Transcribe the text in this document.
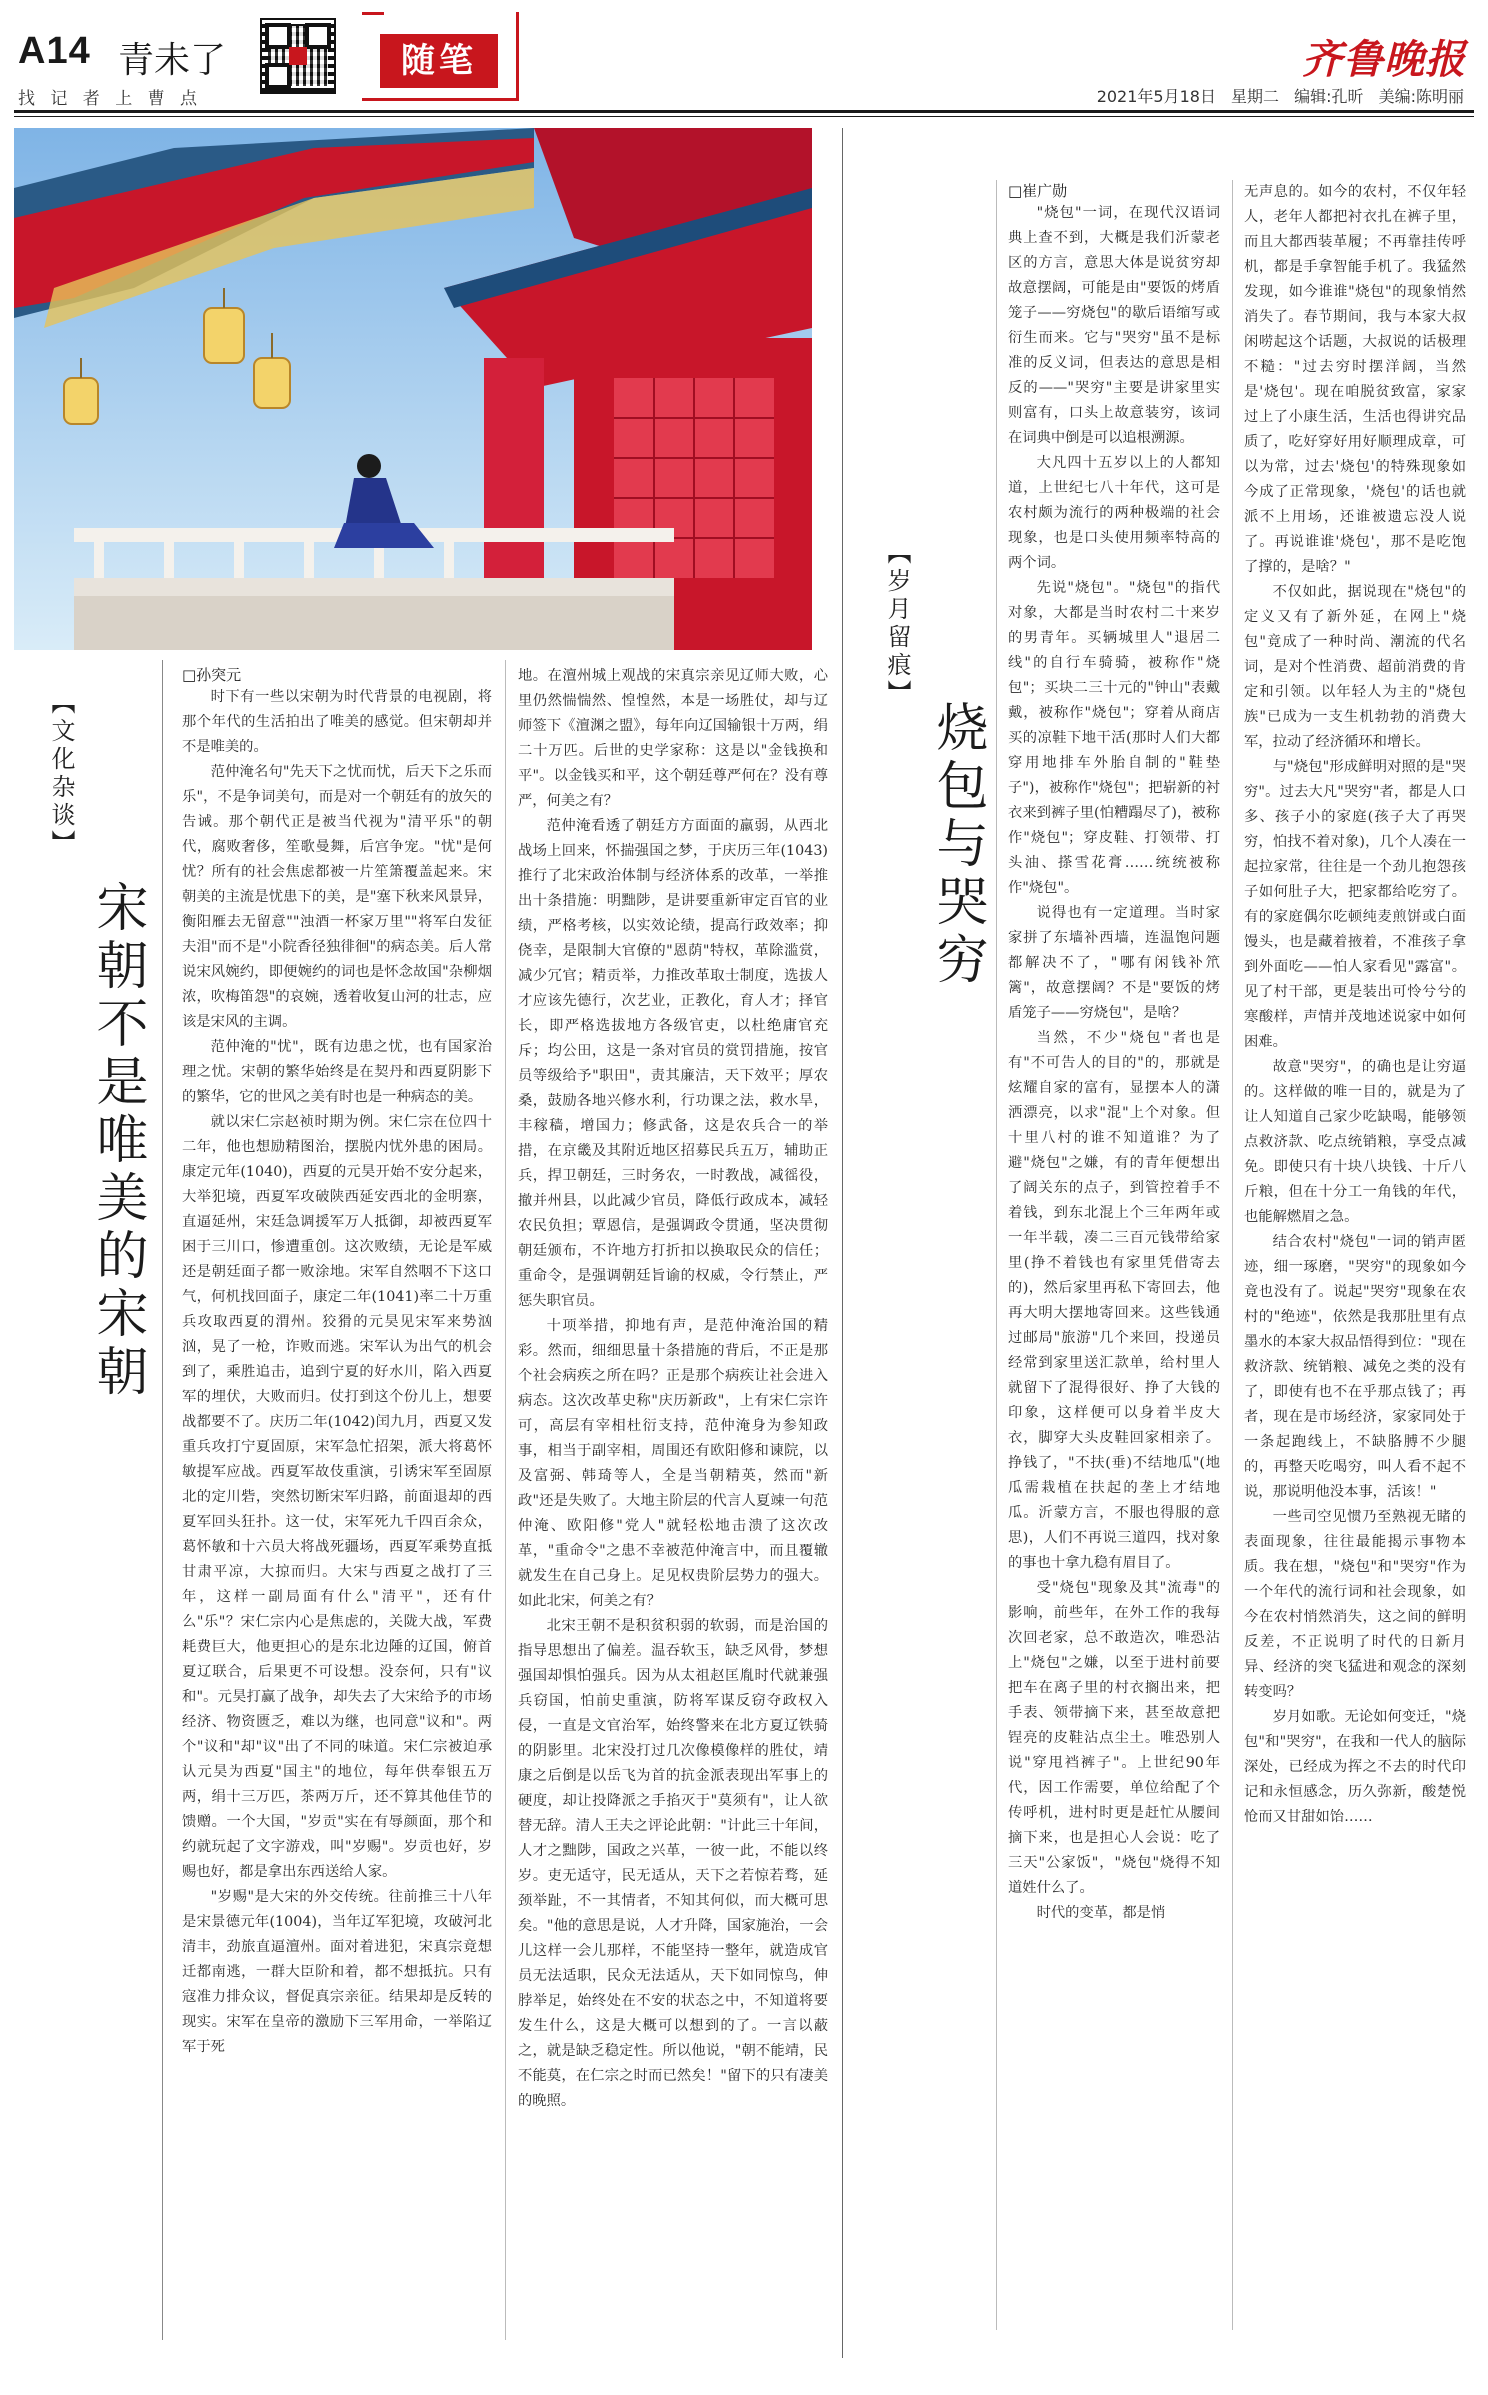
A14 青未了	随笔	齐鲁晚报
找 记 者 上 曹 点	2021年5月18日 星期二 编辑:孔昕 美编:陈明丽
【文化杂谈】
宋朝不是唯美的宋朝
□孙突元

时下有一些以宋朝为时代背景的电视剧，将那个年代的生活拍出了唯美的感觉。但宋朝却并不是唯美的。

范仲淹名句"先天下之忧而忧，后天下之乐而乐"，不是争词美句，而是对一个朝廷有的放矢的告诫。那个朝代正是被当代视为"清平乐"的朝代，腐败奢侈，笙歌曼舞，后宫争宠。"忧"是何忧？所有的社会焦虑都被一片笙箫覆盖起来。宋朝美的主流是忧患下的美，是"塞下秋来风景异，衡阳雁去无留意""浊酒一杯家万里""将军白发征夫泪"而不是"小院香径独徘徊"的病态美。后人常说宋风婉约，即便婉约的词也是怀念故国"杂柳烟浓，吹梅笛怨"的哀婉，透着收复山河的壮志，应该是宋风的主调。

范仲淹的"忧"，既有边患之忧，也有国家治理之忧。宋朝的繁华始终是在契丹和西夏阴影下的繁华，它的世风之美有时也是一种病态的美。

就以宋仁宗赵祯时期为例。宋仁宗在位四十二年，他也想励精图治，摆脱内忧外患的困局。康定元年(1040)，西夏的元昊开始不安分起来，大举犯境，西夏军攻破陕西延安西北的金明寨，直逼延州，宋廷急调援军万人抵御，却被西夏军困于三川口，惨遭重创。这次败绩，无论是军威还是朝廷面子都一败涂地。宋军自然咽不下这口气，何机找回面子，康定二年(1041)率二十万重兵攻取西夏的渭州。狡猾的元昊见宋军来势汹汹，晃了一枪，诈败而逃。宋军认为出气的机会到了，乘胜追击，追到宁夏的好水川，陷入西夏军的埋伏，大败而归。仗打到这个份儿上，想要战都要不了。庆历二年(1042)闰九月，西夏又发重兵攻打宁夏固原，宋军急忙招架，派大将葛怀敏提军应战。西夏军故伎重演，引诱宋军至固原北的定川砦，突然切断宋军归路，前面退却的西夏军回头狂扑。这一仗，宋军死九千四百余众，葛怀敏和十六员大将战死疆场，西夏军乘势直抵甘肃平凉，大掠而归。大宋与西夏之战打了三年，这样一副局面有什么"清平"，还有什么"乐"？宋仁宗内心是焦虑的，关陇大战，军费耗费巨大，他更担心的是东北边陲的辽国，俯首夏辽联合，后果更不可设想。没奈何，只有"议和"。元昊打赢了战争，却失去了大宋给予的市场经济、物资匮乏，难以为继，也同意"议和"。两个"议和"却"议"出了不同的味道。宋仁宗被迫承认元昊为西夏"国主"的地位，每年供奉银五万两，绢十三万匹，茶两万斤，还不算其他佳节的馈赠。一个大国，"岁贡"实在有辱颜面，那个和约就玩起了文字游戏，叫"岁赐"。岁贡也好，岁赐也好，都是拿出东西送给人家。

"岁赐"是大宋的外交传统。往前推三十八年是宋景德元年(1004)，当年辽军犯境，攻破河北清丰，劲旅直逼澶州。面对着进犯，宋真宗竟想迁都南逃，一群大臣阶和着，都不想抵抗。只有寇准力排众议，督促真宗亲征。结果却是反转的现实。宋军在皇帝的激励下三军用命，一举陷辽军于死

地。在澶州城上观战的宋真宗亲见辽师大败，心里仍然惴惴然、惶惶然，本是一场胜仗，却与辽师签下《澶渊之盟》，每年向辽国输银十万两，绢二十万匹。后世的史学家称：这是以"金钱换和平"。以金钱买和平，这个朝廷尊严何在？没有尊严，何美之有？

范仲淹看透了朝廷方方面面的羸弱，从西北战场上回来，怀揣强国之梦，于庆历三年(1043)推行了北宋政治体制与经济体系的改革，一举推出十条措施：明黜陟，是讲要重新审定百官的业绩，严格考核，以实效论绩，提高行政效率；抑侥幸，是限制大官僚的"恩荫"特权，革除滥赏，减少冗官；精贡举，力推改革取士制度，选拔人才应该先德行，次艺业，正教化，育人才；择官长，即严格选拔地方各级官吏，以杜绝庸官充斥；均公田，这是一条对官员的赏罚措施，按官员等级给予"职田"，责其廉洁，天下效平；厚农桑，鼓励各地兴修水利，行功课之法，救水旱，丰稼穑，增国力；修武备，这是农兵合一的举措，在京畿及其附近地区招募民兵五万，辅助正兵，捍卫朝廷，三时务农，一时教战，减徭役，撤并州县，以此减少官员，降低行政成本，减轻农民负担；覃恩信，是强调政令贯通，坚决贯彻朝廷颁布，不许地方打折扣以换取民众的信任；重命令，是强调朝廷旨谕的权威，令行禁止，严惩失职官员。

十项举措，抑地有声，是范仲淹治国的精彩。然而，细细思量十条措施的背后，不正是那个社会病疾之所在吗？正是那个病疾让社会进入病态。这次改革史称"庆历新政"，上有宋仁宗许可，高层有宰相杜衍支持，范仲淹身为参知政事，相当于副宰相，周围还有欧阳修和谏院，以及富弼、韩琦等人，全是当朝精英，然而"新政"还是失败了。大地主阶层的代言人夏竦一句范仲淹、欧阳修"党人"就轻松地击溃了这次改革，"重命令"之患不幸被范仲淹言中，而且覆辙就发生在自己身上。足见权贵阶层势力的强大。如此北宋，何美之有？

北宋王朝不是积贫积弱的软弱，而是治国的指导思想出了偏差。温吞软玉，缺乏风骨，梦想强国却惧怕强兵。因为从太祖赵匡胤时代就兼强兵窃国，怕前史重演，防将军谋反窃夺政权入侵，一直是文官治军，始终警来在北方夏辽铁骑的阴影里。北宋没打过几次像模像样的胜仗，靖康之后倒是以岳飞为首的抗金派表现出军事上的硬度，却让投降派之手掐灭于"莫须有"，让人欲替无辞。清人王夫之评论此朝："计此三十年间，人才之黜陟，国政之兴革，一彼一此，不能以终岁。吏无适守，民无适从，天下之若惊若骛，延颈举趾，不一其情者，不知其何似，而大概可思矣。"他的意思是说，人才升降，国家施治，一会儿这样一会儿那样，不能坚持一整年，就造成官员无法适职，民众无法适从，天下如同惊鸟，伸脖举足，始终处在不安的状态之中，不知道将要发生什么，这是大概可以想到的了。一言以蔽之，就是缺乏稳定性。所以他说，"朝不能靖，民不能莫，在仁宗之时而已然矣！"留下的只有凄美的晚照。

【岁月留痕】
烧包与哭穷
□崔广勋

"烧包"一词，在现代汉语词典上查不到，大概是我们沂蒙老区的方言，意思大体是说贫穷却故意摆阔，可能是由"要饭的烤盾笼子——穷烧包"的歇后语缩写或衍生而来。它与"哭穷"虽不是标准的反义词，但表达的意思是相反的——"哭穷"主要是讲家里实则富有，口头上故意装穷，该词在词典中倒是可以追根溯源。

大凡四十五岁以上的人都知道，上世纪七八十年代，这可是农村颇为流行的两种极端的社会现象，也是口头使用频率特高的两个词。

先说"烧包"。"烧包"的指代对象，大都是当时农村二十来岁的男青年。买辆城里人"退居二线"的自行车骑骑，被称作"烧包"；买块二三十元的"钟山"表戴戴，被称作"烧包"；穿着从商店买的凉鞋下地干活(那时人们大都穿用地排车外胎自制的"鞋垫子")，被称作"烧包"；把崭新的衬衣来到裤子里(怕糟蹋尽了)，被称作"烧包"；穿皮鞋、打领带、打头油、搽雪花膏……统统被称作"烧包"。

说得也有一定道理。当时家家拼了东墙补西墙，连温饱问题都解决不了，"哪有闲钱补笊篱"，故意摆阔？不是"要饭的烤盾笼子——穷烧包"，是啥？

当然，不少"烧包"者也是有"不可告人的目的"的，那就是炫耀自家的富有，显摆本人的潇洒漂亮，以求"混"上个对象。但十里八村的谁不知道谁？为了避"烧包"之嫌，有的青年便想出了阔关东的点子，到管控着手不着钱，到东北混上个三年两年或一年半载，凑二三百元钱带给家里(挣不着钱也有家里凭借寄去的)，然后家里再私下寄回去，他再大明大摆地寄回来。这些钱通过邮局"旅游"几个来回，投递员经常到家里送汇款单，给村里人就留下了混得很好、挣了大钱的印象，这样便可以身着半皮大衣，脚穿大头皮鞋回家相亲了。挣钱了，"不扶(垂)不结地瓜"(地瓜需栽植在扶起的垄上才结地瓜。沂蒙方言，不服也得服的意思)，人们不再说三道四，找对象的事也十拿九稳有眉目了。

受"烧包"现象及其"流毒"的影响，前些年，在外工作的我每次回老家，总不敢造次，唯恐沾上"烧包"之嫌，以至于进村前要把车在离子里的村衣搁出来，把手表、领带摘下来，甚至故意把锃亮的皮鞋沾点尘土。唯恐别人说"穿甩裆裤子"。上世纪90年代，因工作需要，单位给配了个传呼机，进村时更是赶忙从腰间摘下来，也是担心人会说：吃了三天"公家饭"，"烧包"烧得不知道姓什么了。

时代的变革，都是悄

无声息的。如今的农村，不仅年轻人，老年人都把衬衣扎在裤子里，而且大都西装革履；不再靠挂传呼机，都是手拿智能手机了。我猛然发现，如今谁谁"烧包"的现象悄然消失了。春节期间，我与本家大叔闲唠起这个话题，大叔说的话极理不糙："过去穷时摆洋阔，当然是'烧包'。现在咱脱贫致富，家家过上了小康生活，生活也得讲究品质了，吃好穿好用好顺理成章，可以为常，过去'烧包'的特殊现象如今成了正常现象，'烧包'的话也就派不上用场，还谁被遗忘没人说了。再说谁谁'烧包'，那不是吃饱了撑的，是啥？"

不仅如此，据说现在"烧包"的定义又有了新外延，在网上"烧包"竟成了一种时尚、潮流的代名词，是对个性消费、超前消费的肯定和引领。以年轻人为主的"烧包族"已成为一支生机勃勃的消费大军，拉动了经济循环和增长。

与"烧包"形成鲜明对照的是"哭穷"。过去大凡"哭穷"者，都是人口多、孩子小的家庭(孩子大了再哭穷，怕找不着对象)，几个人凑在一起拉家常，往往是一个劲儿抱怨孩子如何肚子大，把家都给吃穷了。有的家庭偶尔吃顿纯麦煎饼或白面馒头，也是藏着掖着，不准孩子拿到外面吃——怕人家看见"露富"。见了村干部，更是装出可怜兮兮的寒酸样，声情并茂地述说家中如何困难。

故意"哭穷"，的确也是让穷逼的。这样做的唯一目的，就是为了让人知道自己家少吃缺喝，能够领点救济款、吃点统销粮，享受点减免。即使只有十块八块钱、十斤八斤粮，但在十分工一角钱的年代，也能解燃眉之急。

结合农村"烧包"一词的销声匿迹，细一琢磨，"哭穷"的现象如今竟也没有了。说起"哭穷"现象在农村的"绝迹"，依然是我那肚里有点墨水的本家大叔品悟得到位："现在救济款、统销粮、减免之类的没有了，即使有也不在乎那点钱了；再者，现在是市场经济，家家同处于一条起跑线上，不缺胳膊不少腿的，再整天吃喝穷，叫人看不起不说，那说明他没本事，活该！"

一些司空见惯乃至熟视无睹的表面现象，往往最能揭示事物本质。我在想，"烧包"和"哭穷"作为一个年代的流行词和社会现象，如今在农村悄然消失，这之间的鲜明反差，不正说明了时代的日新月异、经济的突飞猛进和观念的深刻转变吗？

岁月如歌。无论如何变迁，"烧包"和"哭穷"，在我和一代人的脑际深处，已经成为挥之不去的时代印记和永恒感念，历久弥新，酸楚悦怆而又甘甜如饴……
